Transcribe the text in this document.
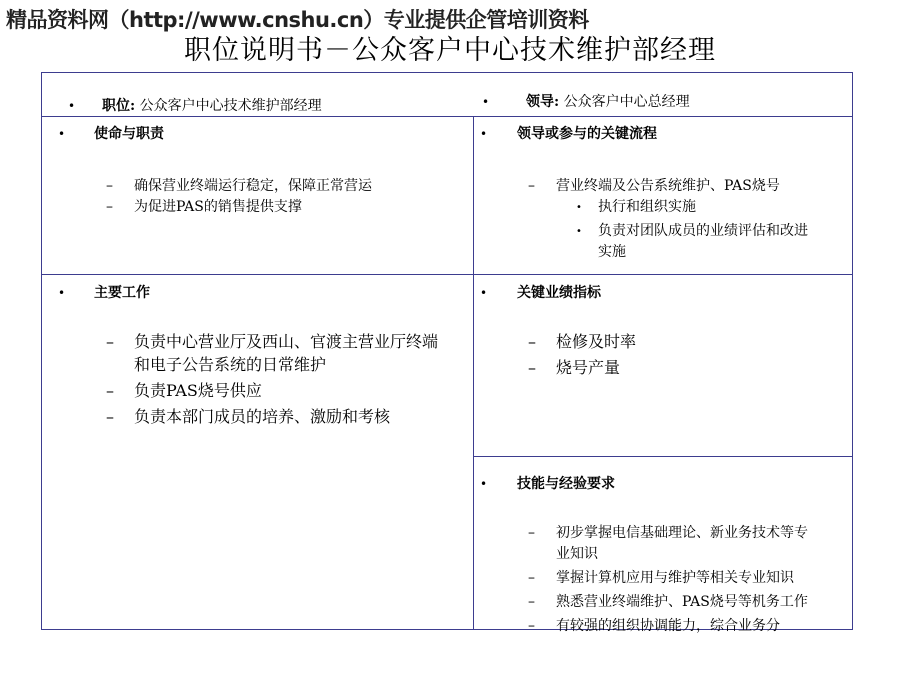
精品资料网（http://www.cnshu.cn）专业提供企管培训资料
职位说明书－公众客户中心技术维护部经理
•	职位:
公众客户中心技术维护部经理	•	领导:
公众客户中心总经理
•	使命与职责
– 确保营业终端运行稳定，保障正常营运
– 为促进PAS的销售提供支撑
•	领导或参与的关键流程
– 营业终端及公告系统维护、PAS烧号
• 执行和组织实施
• 负责对团队成员的业绩评估和改进实施
•	主要工作
– 负责中心营业厅及西山、官渡主营业厅终端和电子公告系统的日常维护
– 负责PAS烧号供应
– 负责本部门成员的培养、激励和考核
•	关键业绩指标
– 检修及时率
– 烧号产量
•	技能与经验要求
– 初步掌握电信基础理论、新业务技术等专业知识
– 掌握计算机应用与维护等相关专业知识
– 熟悉营业终端维护、PAS烧号等机务工作
– 有较强的组织协调能力，综合业务分
